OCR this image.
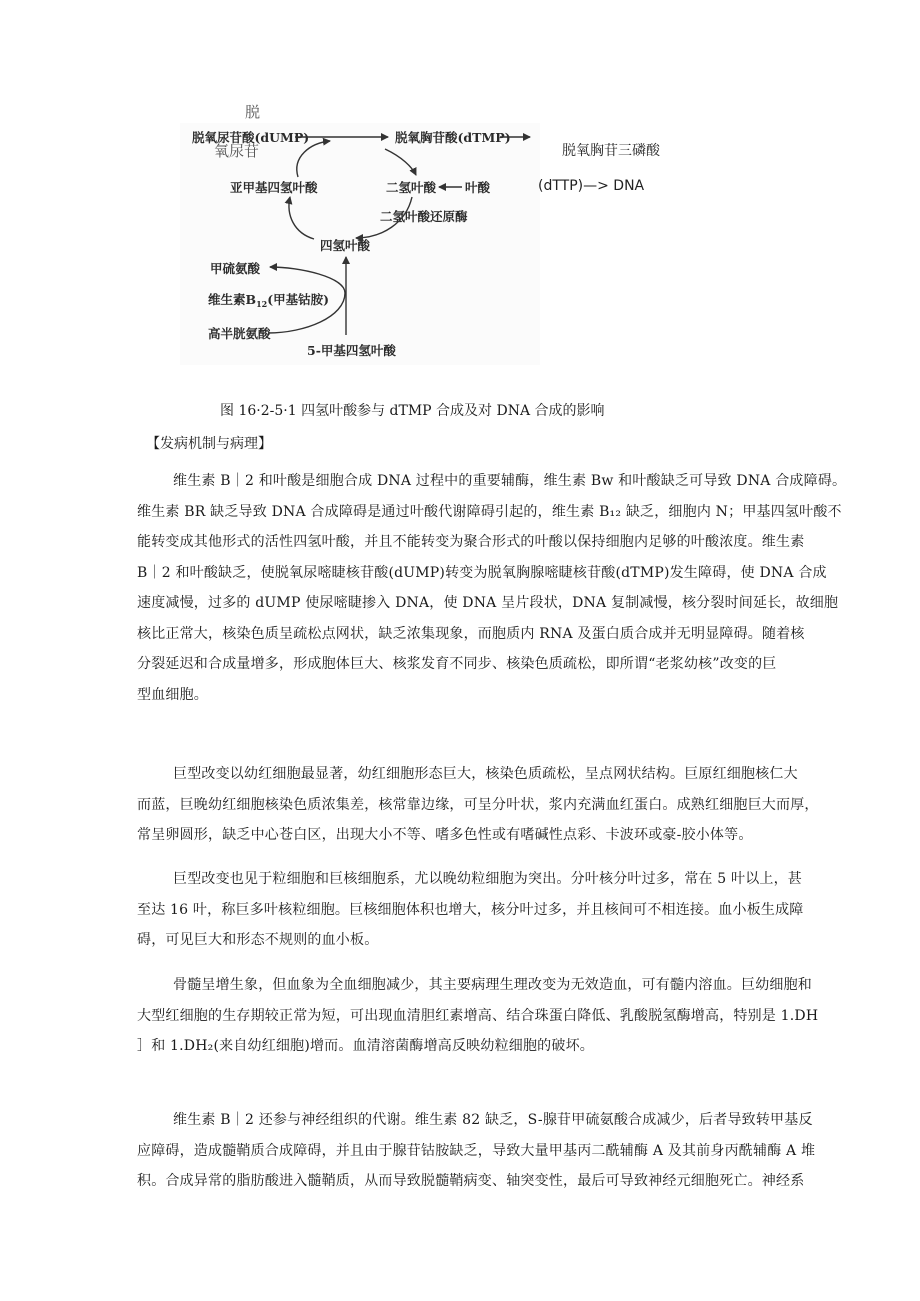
脱
脱氧尿苷酸(dUMP)
氧尿苷
脱氧胸苷酸(dTMP)
亚甲基四氢叶酸	二氢叶酸 叶酸
二氢叶酸还原酶
四氢叶酸
甲硫氨酸
维生素$B_{12}$(甲基钴胺)
高半胱氨酸
5-甲基四氢叶酸
脱氧胸苷三磷酸
(dTTP)—> DNA
图 16·2-5·1 四氢叶酸参与 dTMP 合成及对 DNA 合成的影响
【发病机制与病理】
维生素 B｜2 和叶酸是细胞合成 DNA 过程中的重要辅酶，维生素 Bw 和叶酸缺乏可导致 DNA 合成障碍。
维生素 BR 缺乏导致 DNA 合成障碍是通过叶酸代谢障碍引起的，维生素 B₁₂ 缺乏，细胞内 N；甲基四氢叶酸不
能转变成其他形式的活性四氢叶酸，并且不能转变为聚合形式的叶酸以保持细胞内足够的叶酸浓度。维生素
B｜2 和叶酸缺乏，使脱氧尿嘧睫核苷酸(dUMP)转变为脱氧胸腺嘧睫核苷酸(dTMP)发生障碍，使 DNA 合成
速度减慢，过多的 dUMP 使尿嘧睫掺入 DNA，使 DNA 呈片段状，DNA 复制减慢，核分裂时间延长，故细胞
核比正常大，核染色质呈疏松点网状，缺乏浓集现象，而胞质内 RNA 及蛋白质合成并无明显障碍。随着核
分裂延迟和合成量增多，形成胞体巨大、核浆发育不同步、核染色质疏松，即所谓“老浆幼核”改变的巨
型血细胞。
巨型改变以幼红细胞最显著，幼红细胞形态巨大，核染色质疏松，呈点网状结构。巨原红细胞核仁大
而蓝，巨晚幼红细胞核染色质浓集差，核常靠边缘，可呈分叶状，浆内充满血红蛋白。成熟红细胞巨大而厚，
常呈卵圆形，缺乏中心苍白区，出现大小不等、嗜多色性或有嗜碱性点彩、卡波环或豪-胶小体等。
巨型改变也见于粒细胞和巨核细胞系，尤以晚幼粒细胞为突出。分叶核分叶过多，常在 5 叶以上，甚
至达 16 叶，称巨多叶核粒细胞。巨核细胞体积也增大，核分叶过多，并且核间可不相连接。血小板生成障
碍，可见巨大和形态不规则的血小板。
骨髓呈增生象，但血象为全血细胞减少，其主要病理生理改变为无效造血，可有髓内溶血。巨幼细胞和
大型红细胞的生存期较正常为短，可出现血清胆红素增高、结合珠蛋白降低、乳酸脱氢酶增高，特别是 1.DH
］和 1.DH₂(来自幼红细胞)增而。血清溶菌酶增高反映幼粒细胞的破坏。
维生素 B｜2 还参与神经组织的代谢。维生素 82 缺乏，S-腺苷甲硫氨酸合成减少，后者导致转甲基反
应障碍，造成髓鞘质合成障碍，并且由于腺苷钴胺缺乏，导致大量甲基丙二酰辅酶 A 及其前身丙酰辅酶 A 堆
积。合成异常的脂肪酸进入髓鞘质，从而导致脱髓鞘病变、轴突变性，最后可导致神经元细胞死亡。神经系
